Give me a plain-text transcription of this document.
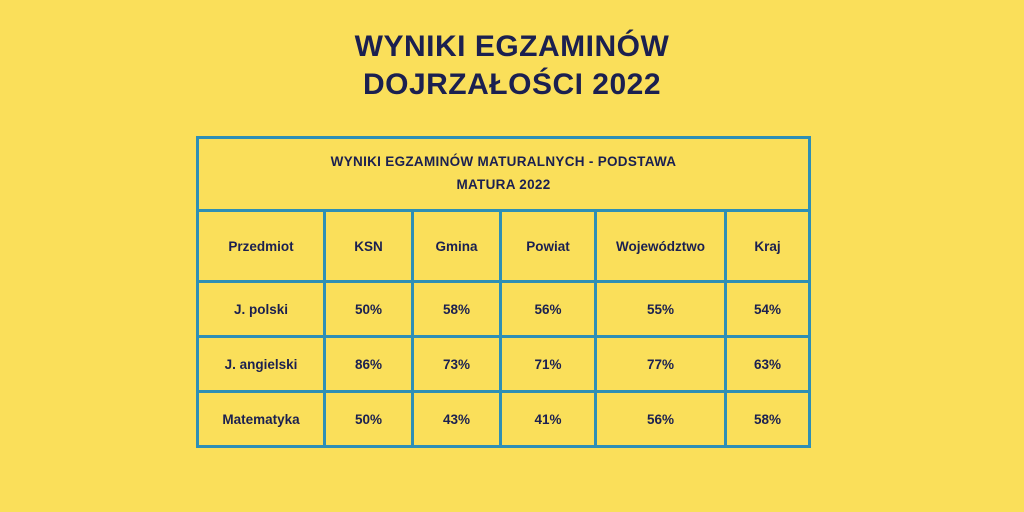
WYNIKI EGZAMINÓW
DOJRZAŁOŚCI 2022
WYNIKI EGZAMINÓW MATURALNYCH - PODSTAWA
MATURA 2022					

Przedmiot	KSN	Gmina	Powiat	Województwo	Kraj
J. polski	50%	58%	56%	55%	54%
J. angielski	86%	73%	71%	77%	63%
Matematyka	50%	43%	41%	56%	58%
